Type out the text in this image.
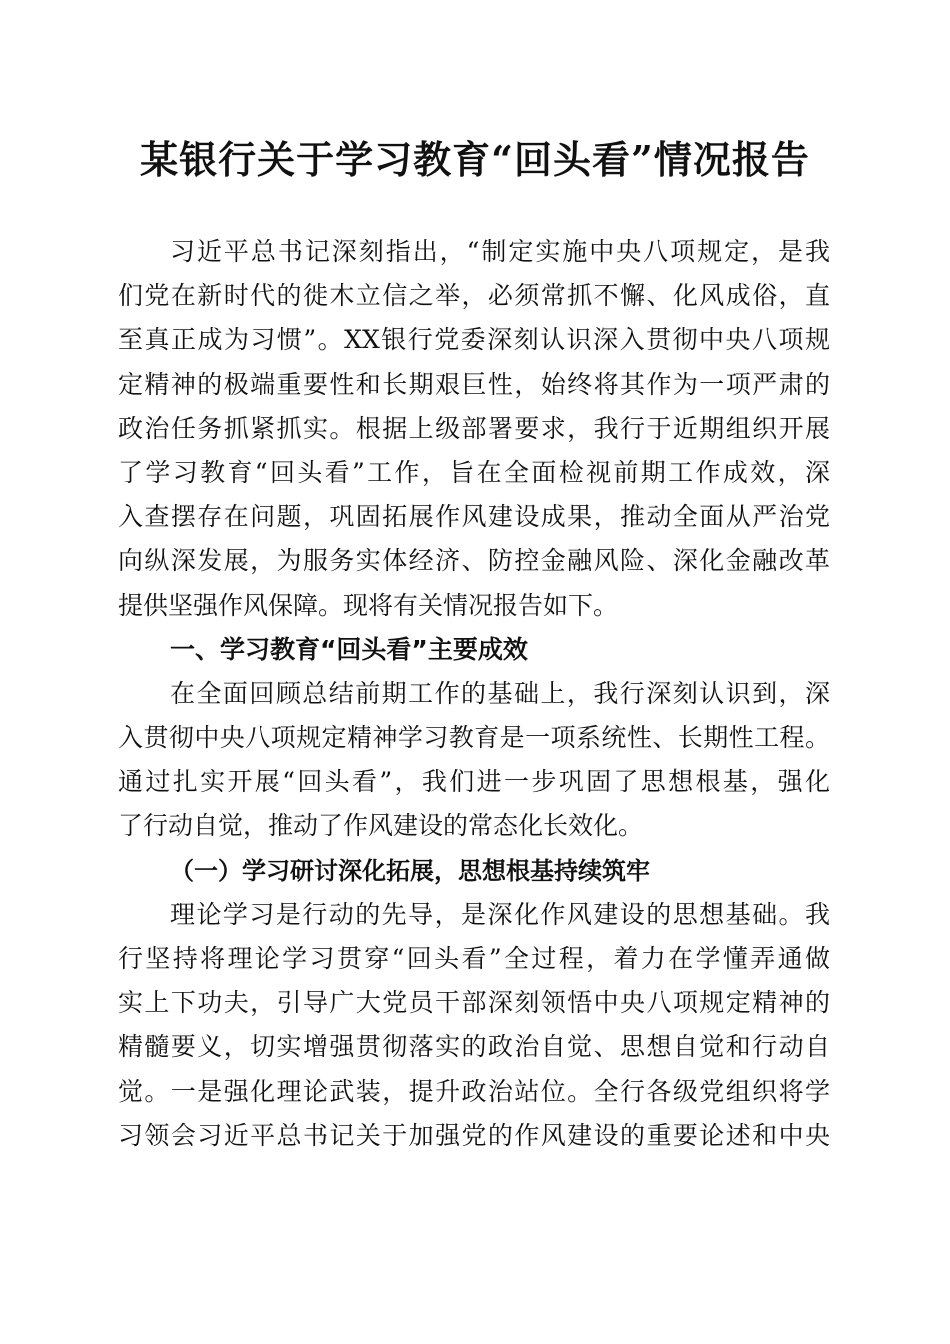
某银行关于学习教育“回头看”情况报告
习近平总书记深刻指出，“制定实施中央八项规定，是我
们党在新时代的徙木立信之举，必须常抓不懈、化风成俗，直
至真正成为习惯”。XX银行党委深刻认识深入贯彻中央八项规
定精神的极端重要性和长期艰巨性，始终将其作为一项严肃的
政治任务抓紧抓实。根据上级部署要求，我行于近期组织开展
了学习教育“回头看”工作，旨在全面检视前期工作成效，深
入查摆存在问题，巩固拓展作风建设成果，推动全面从严治党
向纵深发展，为服务实体经济、防控金融风险、深化金融改革
提供坚强作风保障。现将有关情况报告如下。
一、学习教育“回头看”主要成效
在全面回顾总结前期工作的基础上，我行深刻认识到，深
入贯彻中央八项规定精神学习教育是一项系统性、长期性工程。
通过扎实开展“回头看”，我们进一步巩固了思想根基，强化
了行动自觉，推动了作风建设的常态化长效化。
（一）学习研讨深化拓展，思想根基持续筑牢
理论学习是行动的先导，是深化作风建设的思想基础。我
行坚持将理论学习贯穿“回头看”全过程，着力在学懂弄通做
实上下功夫，引导广大党员干部深刻领悟中央八项规定精神的
精髓要义，切实增强贯彻落实的政治自觉、思想自觉和行动自
觉。一是强化理论武装，提升政治站位。全行各级党组织将学
习领会习近平总书记关于加强党的作风建设的重要论述和中央
